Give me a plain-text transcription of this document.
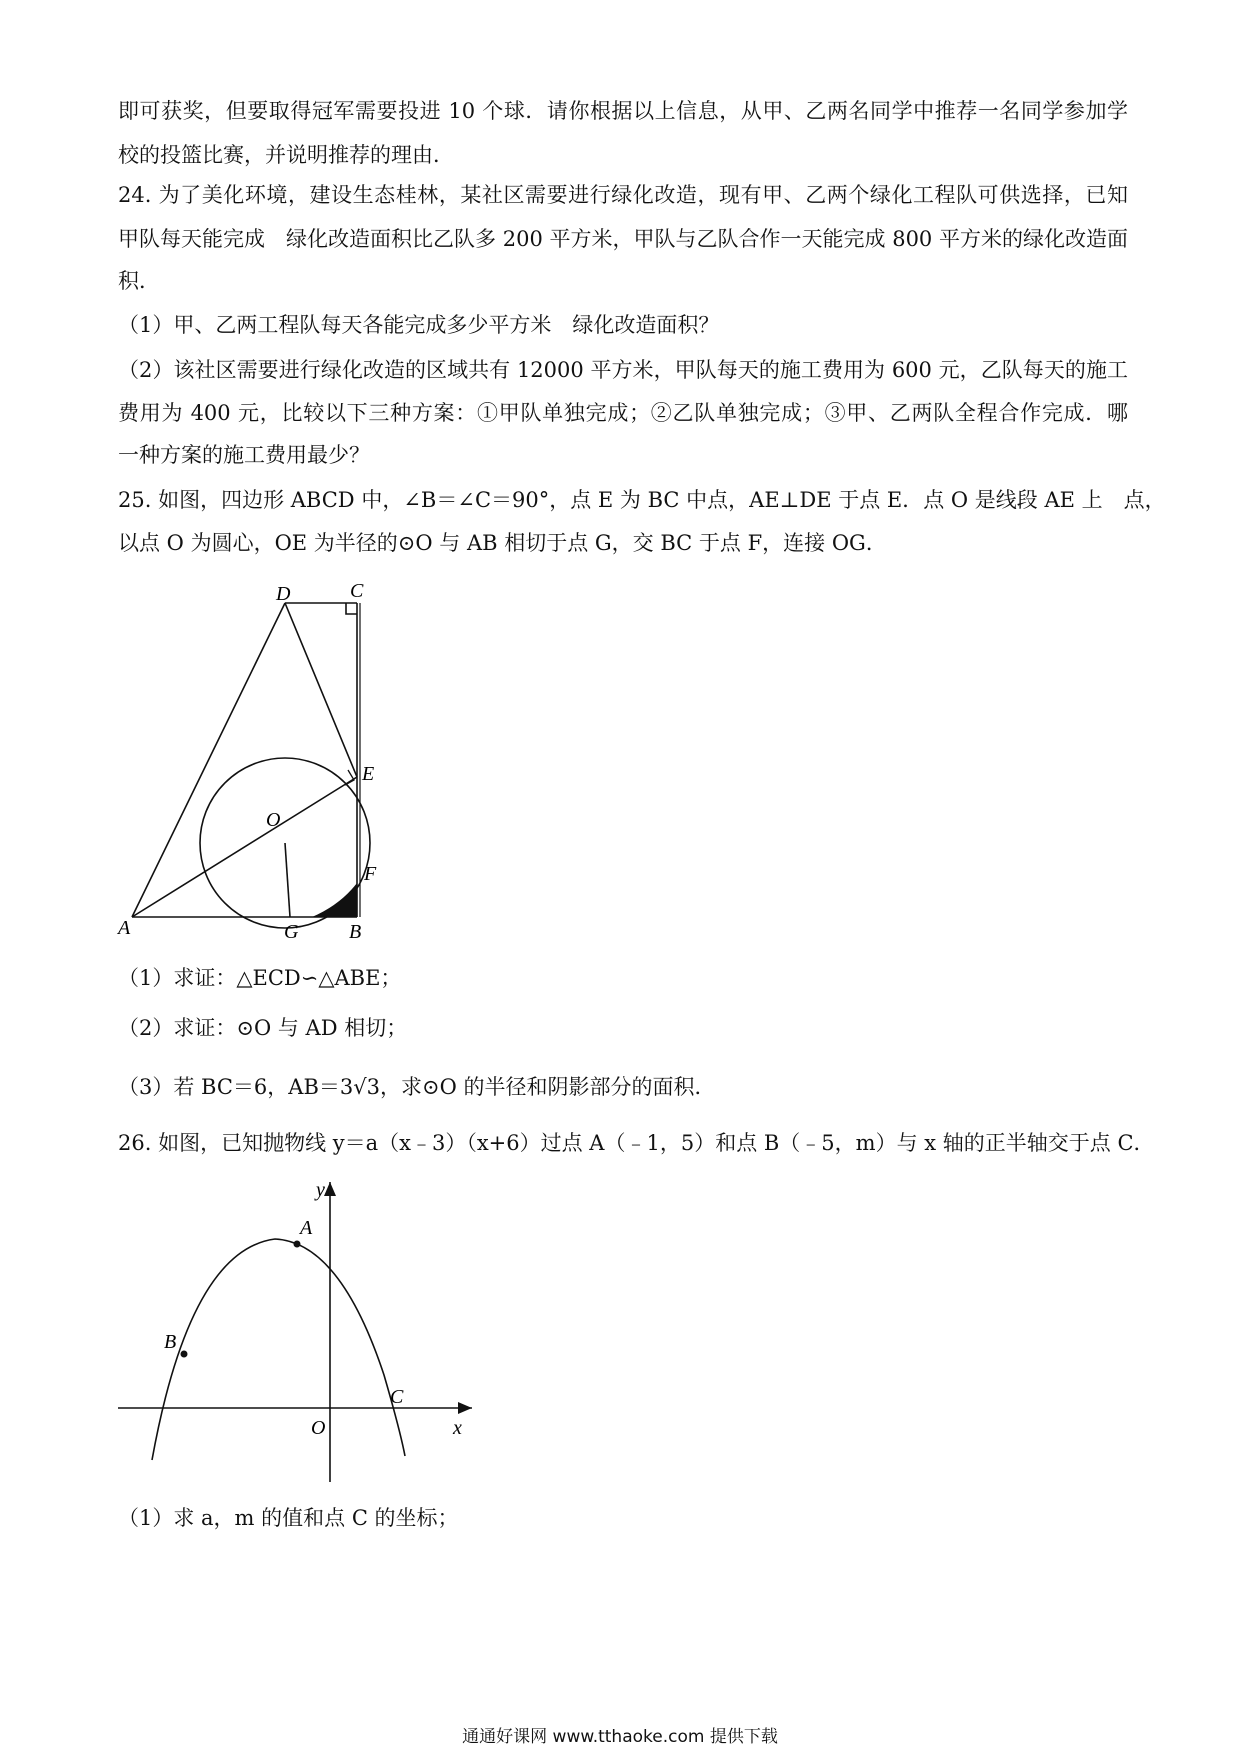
即可获奖，但要取得冠军需要投进 10 个球．请你根据以上信息，从甲、乙两名同学中推荐一名同学参加学
校的投篮比赛，并说明推荐的理由．
24. 为了美化环境，建设生态桂林，某社区需要进行绿化改造，现有甲、乙两个绿化工程队可供选择，已知
甲队每天能完成　绿化改造面积比乙队多 200 平方米，甲队与乙队合作一天能完成 800 平方米的绿化改造面
积．
（1）甲、乙两工程队每天各能完成多少平方米　绿化改造面积？
（2）该社区需要进行绿化改造的区域共有 12000 平方米，甲队每天的施工费用为 600 元，乙队每天的施工
费用为 400 元，比较以下三种方案：①甲队单独完成；②乙队单独完成；③甲、乙两队全程合作完成．哪
一种方案的施工费用最少？
25. 如图，四边形 ABCD 中，∠B＝∠C＝90°，点 E 为 BC 中点，AE⊥DE 于点 E．点 O 是线段 AE 上　点，
以点 O 为圆心，OE 为半径的⊙O 与 AB 相切于点 G，交 BC 于点 F，连接 OG．
D	C
E
O
F
A	G	B
（1）求证：△ECD∽△ABE；
（2）求证：⊙O 与 AD 相切；
（3）若 BC＝6，AB＝3√3，求⊙O 的半径和阴影部分的面积．
26. 如图，已知抛物线 y＝a（x﹣3）（x+6）过点 A（﹣1，5）和点 B（﹣5，m）与 x 轴的正半轴交于点 C．
y
A
B
C
O	x
（1）求 a，m 的值和点 C 的坐标；
通通好课网 www.tthaoke.com 提供下载
